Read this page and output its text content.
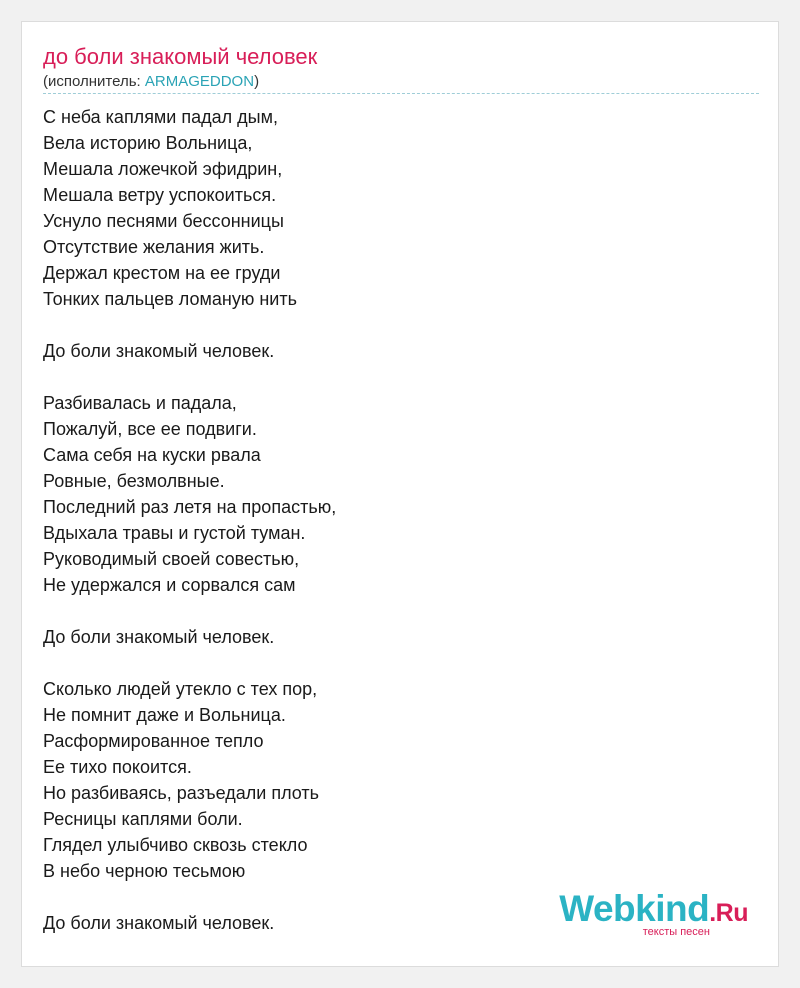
до боли знакомый человек
(исполнитель: ARMAGEDDON)
С неба каплями падал дым,
Вела историю Вольница,
Мешала ложечкой эфидрин,
Мешала ветру успокоиться.
Уснуло песнями бессонницы
Отсутствие желания жить.
Держал крестом на ее груди
Тонких пальцев ломаную нить
До боли знакомый человек.
Разбивалась и падала,
Пожалуй, все ее подвиги.
Сама себя на куски рвала
Ровные, безмолвные.
Последний раз летя на пропастью,
Вдыхала травы и густой туман.
Руководимый своей совестью,
Не удержался и сорвался сам
До боли знакомый человек.
Сколько людей утекло с тех пор,
Не помнит даже и Вольница.
Расформированное тепло
Ее тихо покоится.
Но разбиваясь, разъедали плоть
Ресницы каплями боли.
Глядел улыбчиво сквозь стекло
В небо черною тесьмою
До боли знакомый человек.	Webkind.Ru
тексты песен
